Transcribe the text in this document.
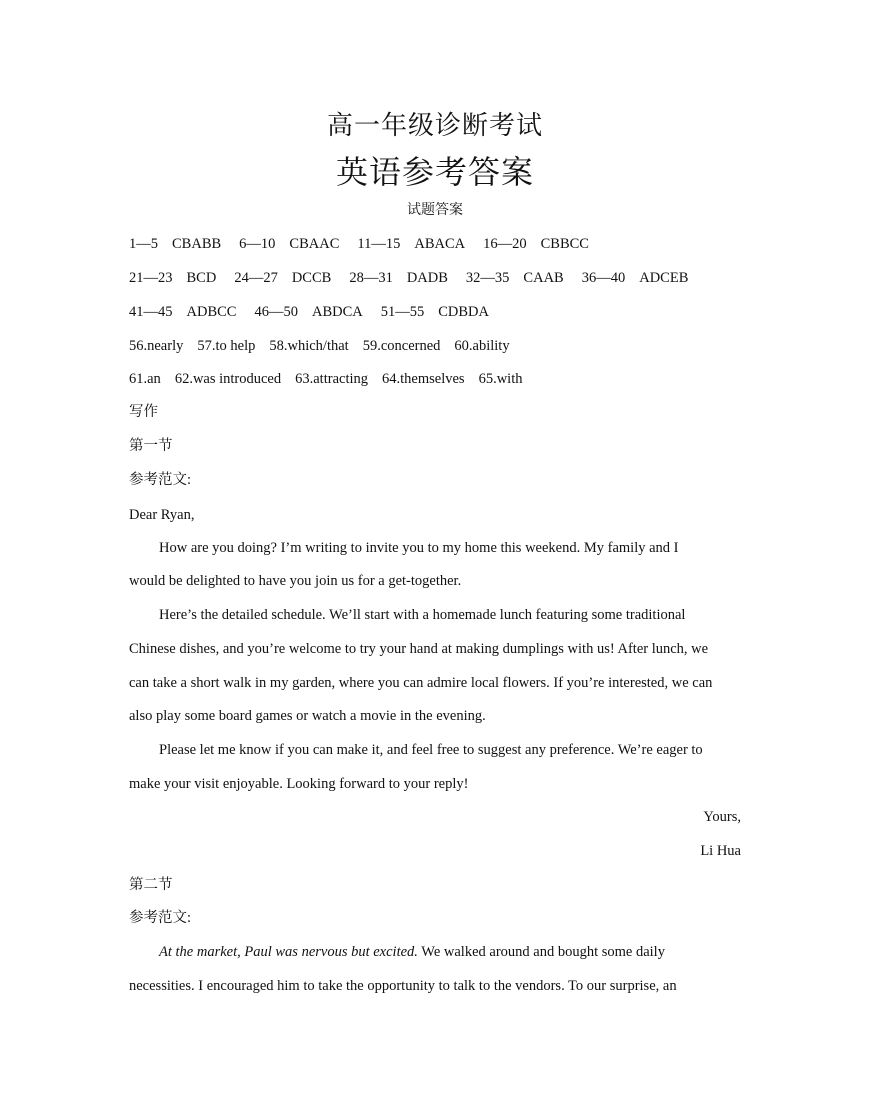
高一年级诊断考试
英语参考答案
试题答案
1—5 CBABB 6—10 CBAAC 11—15 ABACA 16—20 CBBCC
21—23 BCD 24—27 DCCB 28—31 DADB 32—35 CAAB 36—40 ADCEB
41—45 ADBCC 46—50 ABDCA 51—55 CDBDA
56.nearly 57.to help 58.which/that 59.concerned 60.ability
61.an 62.was introduced 63.attracting 64.themselves 65.with
写作
第一节
参考范文:
Dear Ryan,
How are you doing? I’m writing to invite you to my home this weekend. My family and I
would be delighted to have you join us for a get-together.
Here’s the detailed schedule. We’ll start with a homemade lunch featuring some traditional
Chinese dishes, and you’re welcome to try your hand at making dumplings with us! After lunch, we
can take a short walk in my garden, where you can admire local flowers. If you’re interested, we can
also play some board games or watch a movie in the evening.
Please let me know if you can make it, and feel free to suggest any preference. We’re eager to
make your visit enjoyable. Looking forward to your reply!
Yours,
Li Hua
第二节
参考范文:
At the market, Paul was nervous but excited. We walked around and bought some daily
necessities. I encouraged him to take the opportunity to talk to the vendors. To our surprise, an
